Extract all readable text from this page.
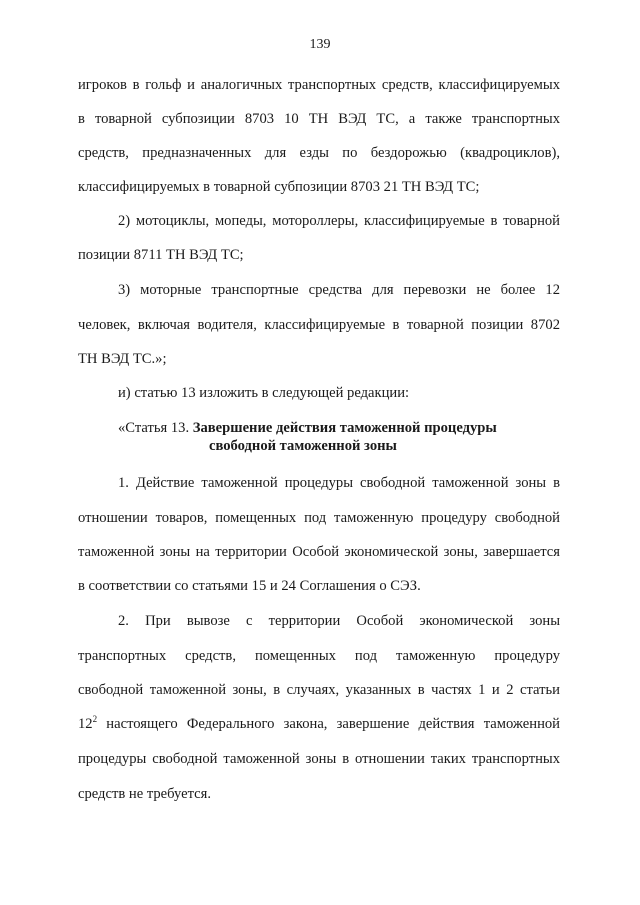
139
игроков в гольф и аналогичных транспортных средств, классифицируемых
в товарной субпозиции 8703 10 ТН ВЭД ТС, а также транспортных
средств, предназначенных для езды по бездорожью (квадроциклов),
классифицируемых в товарной субпозиции 8703 21 ТН ВЭД ТС;
2) мотоциклы, мопеды, мотороллеры, классифицируемые в товарной
позиции 8711 ТН ВЭД ТС;
3) моторные транспортные средства для перевозки не более 12
человек, включая водителя, классифицируемые в товарной позиции 8702
ТН ВЭД ТС.»;
и) статью 13 изложить в следующей редакции:
«Статья 13. Завершение действия таможенной процедуры
свободной таможенной зоны
1. Действие таможенной процедуры свободной таможенной зоны в
отношении товаров, помещенных под таможенную процедуру свободной
таможенной зоны на территории Особой экономической зоны, завершается
в соответствии со статьями 15 и 24 Соглашения о СЭЗ.
2. При вывозе с территории Особой экономической зоны
транспортных средств, помещенных под таможенную процедуру
свободной таможенной зоны, в случаях, указанных в частях 1 и 2 статьи
$12^2$ настоящего Федерального закона, завершение действия таможенной
процедуры свободной таможенной зоны в отношении таких транспортных
средств не требуется.
